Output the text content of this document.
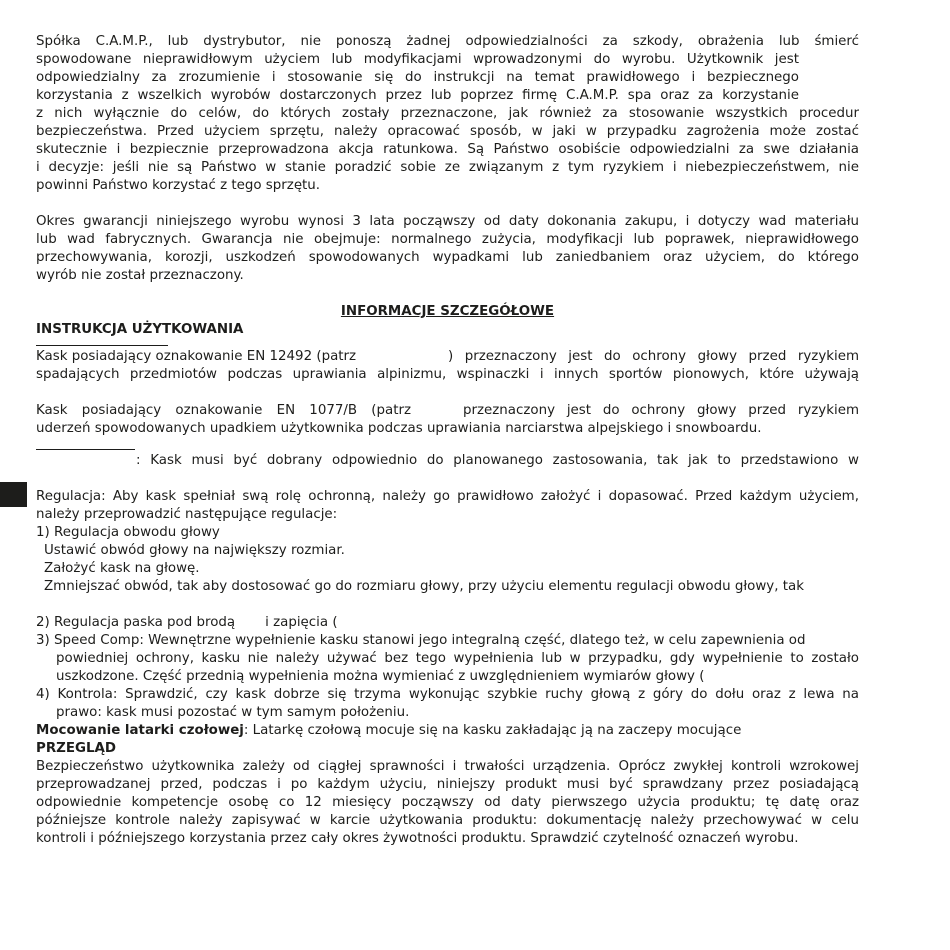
Spółka C.A.M.P., lub dystrybutor, nie ponoszą żadnej odpowiedzialności za szkody, obrażenia lub śmierć
spowodowane nieprawidłowym użyciem lub modyfikacjami wprowadzonymi do wyrobu. Użytkownik jest
odpowiedzialny za zrozumienie i stosowanie się do instrukcji na temat prawidłowego i bezpiecznego
korzystania z wszelkich wyrobów dostarczonych przez lub poprzez firmę C.A.M.P. spa oraz za korzystanie
z nich wyłącznie do celów, do których zostały przeznaczone, jak również za stosowanie wszystkich procedur
bezpieczeństwa. Przed użyciem sprzętu, należy opracować sposób, w jaki w przypadku zagrożenia może zostać
skutecznie i bezpiecznie przeprowadzona akcja ratunkowa. Są Państwo osobiście odpowiedzialni za swe działania
i decyzje: jeśli nie są Państwo w stanie poradzić sobie ze związanym z tym ryzykiem i niebezpieczeństwem, nie
powinni Państwo korzystać z tego sprzętu.
Okres gwarancji niniejszego wyrobu wynosi 3 lata począwszy od daty dokonania zakupu, i dotyczy wad materiału
lub wad fabrycznych. Gwarancja nie obejmuje: normalnego zużycia, modyfikacji lub poprawek, nieprawidłowego
przechowywania, korozji, uszkodzeń spowodowanych wypadkami lub zaniedbaniem oraz użyciem, do którego
wyrób nie został przeznaczony.
INFORMACJE SZCZEGÓŁOWE
INSTRUKCJA UŻYTKOWANIA
Kask posiadający oznakowanie EN 12492 (patrz	) przeznaczony jest do ochrony głowy przed ryzykiem
spadających przedmiotów podczas uprawiania alpinizmu, wspinaczki i innych sportów pionowych, które używają
Kask posiadający oznakowanie EN 1077/B (patrz	przeznaczony jest do ochrony głowy przed ryzykiem
uderzeń spowodowanych upadkiem użytkownika podczas uprawiania narciarstwa alpejskiego i snowboardu.
: Kask musi być dobrany odpowiednio do planowanego zastosowania, tak jak to przedstawiono w
Regulacja: Aby kask spełniał swą rolę ochronną, należy go prawidłowo założyć i dopasować. Przed każdym użyciem,
należy przeprowadzić następujące regulacje:
1) Regulacja obwodu głowy
Ustawić obwód głowy na największy rozmiar.
Założyć kask na głowę.
Zmniejszać obwód, tak aby dostosować go do rozmiaru głowy, przy użyciu elementu regulacji obwodu głowy, tak
2) Regulacja paska pod brodą i zapięcia (
3) Speed Comp: Wewnętrzne wypełnienie kasku stanowi jego integralną część, dlatego też, w celu zapewnienia od
powiedniej ochrony, kasku nie należy używać bez tego wypełnienia lub w przypadku, gdy wypełnienie to zostało
uszkodzone. Część przednią wypełnienia można wymieniać z uwzględnieniem wymiarów głowy (
4) Kontrola: Sprawdzić, czy kask dobrze się trzyma wykonując szybkie ruchy głową z góry do dołu oraz z lewa na
prawo: kask musi pozostać w tym samym położeniu.
Mocowanie latarki czołowej: Latarkę czołową mocuje się na kasku zakładając ją na zaczepy mocujące
PRZEGLĄD
Bezpieczeństwo użytkownika zależy od ciągłej sprawności i trwałości urządzenia. Oprócz zwykłej kontroli wzrokowej
przeprowadzanej przed, podczas i po każdym użyciu, niniejszy produkt musi być sprawdzany przez posiadającą
odpowiednie kompetencje osobę co 12 miesięcy począwszy od daty pierwszego użycia produktu; tę datę oraz
późniejsze kontrole należy zapisywać w karcie użytkowania produktu: dokumentację należy przechowywać w celu
kontroli i późniejszego korzystania przez cały okres żywotności produktu. Sprawdzić czytelność oznaczeń wyrobu.
